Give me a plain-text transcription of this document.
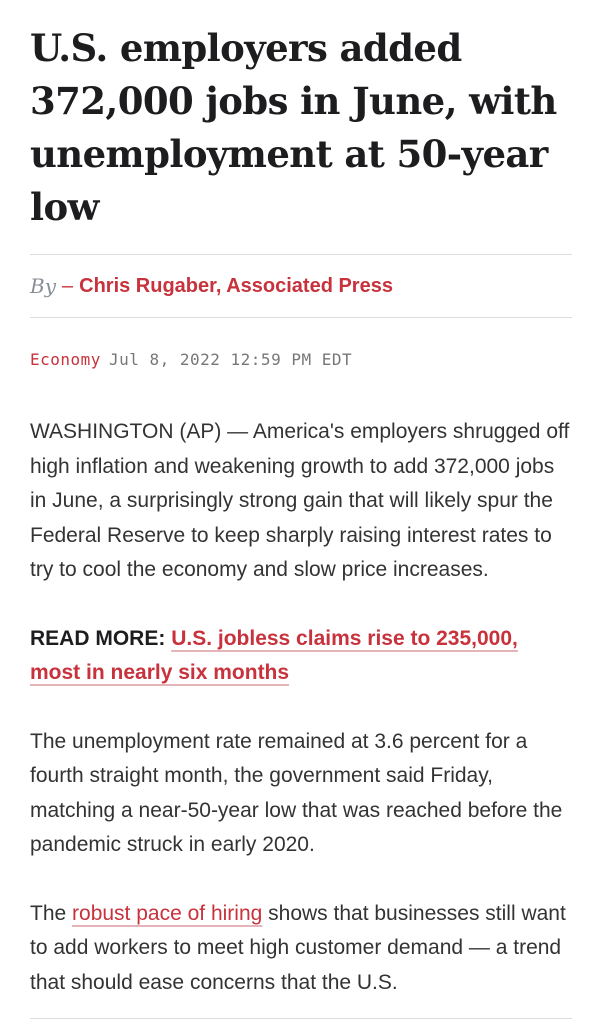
U.S. employers added 372,000 jobs in June, with unemployment at 50-year low
By – Chris Rugaber, Associated Press
Economy Jul 8, 2022 12:59 PM EDT

WASHINGTON (AP) — America's employers shrugged off high inflation and weakening growth to add 372,000 jobs in June, a surprisingly strong gain that will likely spur the Federal Reserve to keep sharply raising interest rates to try to cool the economy and slow price increases.

READ MORE: U.S. jobless claims rise to 235,000, most in nearly six months

The unemployment rate remained at 3.6 percent for a fourth straight month, the government said Friday, matching a near-50-year low that was reached before the pandemic struck in early 2020.

The robust pace of hiring shows that businesses still want to add workers to meet high customer demand — a trend that should ease concerns that the U.S.
